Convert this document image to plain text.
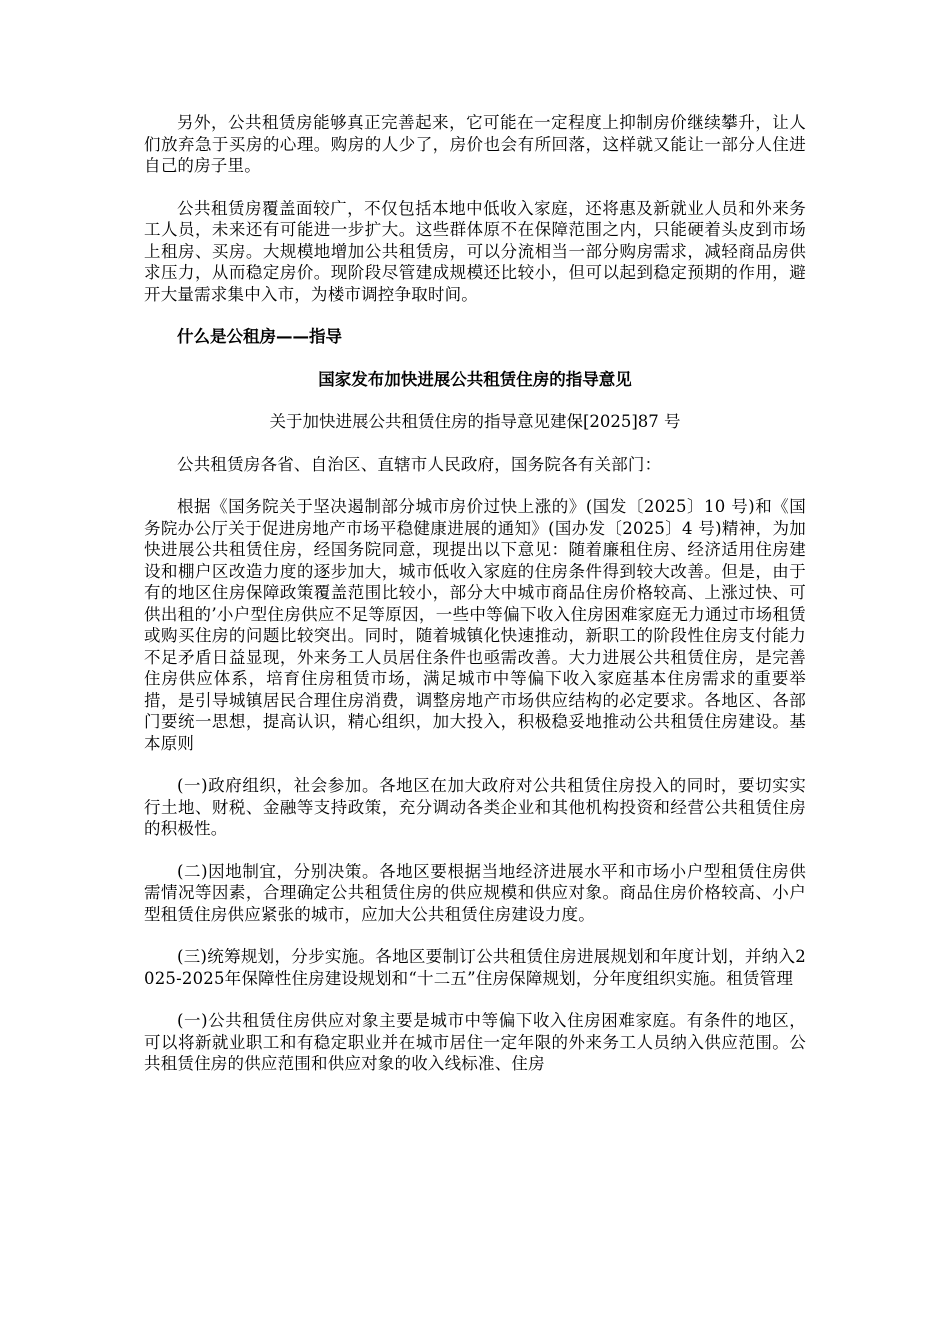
另外，公共租赁房能够真正完善起来，它可能在一定程度上抑制房价继续攀升，让人们放弃急于买房的心理。购房的人少了，房价也会有所回落，这样就又能让一部分人住进自己的房子里。

公共租赁房覆盖面较广，不仅包括本地中低收入家庭，还将惠及新就业人员和外来务工人员，未来还有可能进一步扩大。这些群体原不在保障范围之内，只能硬着头皮到市场上租房、买房。大规模地增加公共租赁房，可以分流相当一部分购房需求，减轻商品房供求压力，从而稳定房价。现阶段尽管建成规模还比较小，但可以起到稳定预期的作用，避开大量需求集中入市，为楼市调控争取时间。

什么是公租房——指导

国家发布加快进展公共租赁住房的指导意见

关于加快进展公共租赁住房的指导意见建保[2025]87 号

公共租赁房各省、自治区、直辖市人民政府，国务院各有关部门：

根据《国务院关于坚决遏制部分城市房价过快上涨的》(国发〔2025〕10 号)和《国务院办公厅关于促进房地产市场平稳健康进展的通知》(国办发〔2025〕4 号)精神，为加快进展公共租赁住房，经国务院同意，现提出以下意见：随着廉租住房、经济适用住房建设和棚户区改造力度的逐步加大，城市低收入家庭的住房条件得到较大改善。但是，由于有的地区住房保障政策覆盖范围比较小，部分大中城市商品住房价格较高、上涨过快、可供出租的’小户型住房供应不足等原因，一些中等偏下收入住房困难家庭无力通过市场租赁或购买住房的问题比较突出。同时，随着城镇化快速推动，新职工的阶段性住房支付能力不足矛盾日益显现，外来务工人员居住条件也亟需改善。大力进展公共租赁住房，是完善住房供应体系，培育住房租赁市场，满足城市中等偏下收入家庭基本住房需求的重要举措，是引导城镇居民合理住房消费，调整房地产市场供应结构的必定要求。各地区、各部门要统一思想，提高认识，精心组织，加大投入，积极稳妥地推动公共租赁住房建设。基本原则

(一)政府组织，社会参加。各地区在加大政府对公共租赁住房投入的同时，要切实实行土地、财税、金融等支持政策，充分调动各类企业和其他机构投资和经营公共租赁住房的积极性。

(二)因地制宜，分别决策。各地区要根据当地经济进展水平和市场小户型租赁住房供需情况等因素，合理确定公共租赁住房的供应规模和供应对象。商品住房价格较高、小户型租赁住房供应紧张的城市，应加大公共租赁住房建设力度。

(三)统筹规划，分步实施。各地区要制订公共租赁住房进展规划和年度计划，并纳入2025-2025年保障性住房建设规划和“十二五”住房保障规划，分年度组织实施。租赁管理

(一)公共租赁住房供应对象主要是城市中等偏下收入住房困难家庭。有条件的地区，可以将新就业职工和有稳定职业并在城市居住一定年限的外来务工人员纳入供应范围。公共租赁住房的供应范围和供应对象的收入线标准、住房
